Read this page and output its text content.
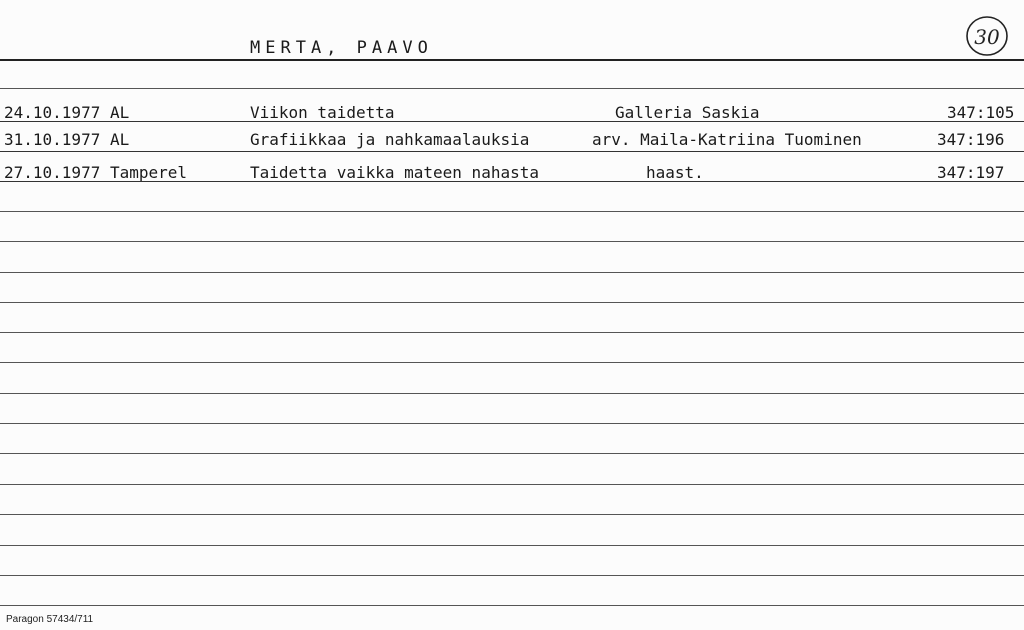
MERTA, PAAVO	30
24.10.1977 AL	Viikon taidetta	Galleria Saskia	347:105
31.10.1977 AL	Grafiikkaa ja nahkamaalauksia	arv. Maila-Katriina Tuominen	347:196
27.10.1977 Tamperel	Taidetta vaikka mateen nahasta	haast.	347:197
Paragon 57434/711
